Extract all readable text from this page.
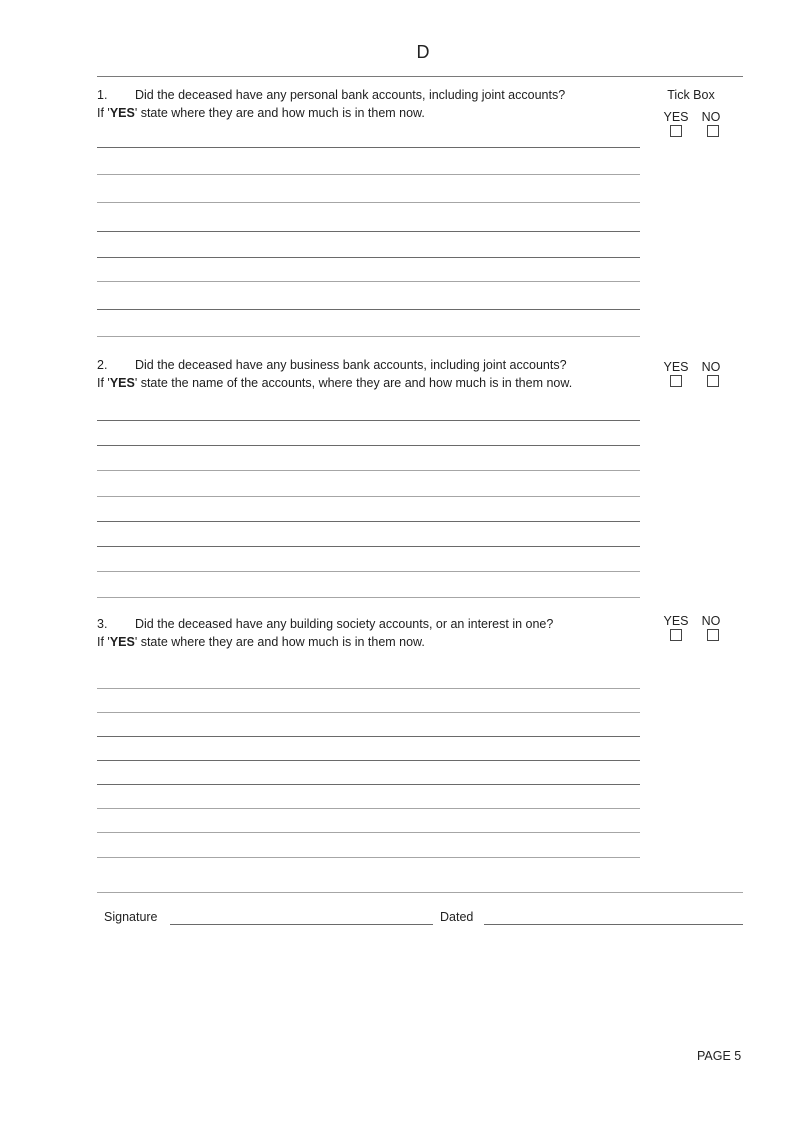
D
1. Did the deceased have any personal bank accounts, including joint accounts?
If 'YES' state where they are and how much is in them now.
Tick Box
YES	NO
2. Did the deceased have any business bank accounts, including joint accounts?
If 'YES' state the name of the accounts, where they are and how much is in them now.
YES	NO
3. Did the deceased have any building society accounts, or an interest in one?
If 'YES' state where they are and how much is in them now.
YES	NO
Signature	Dated
PAGE 5
